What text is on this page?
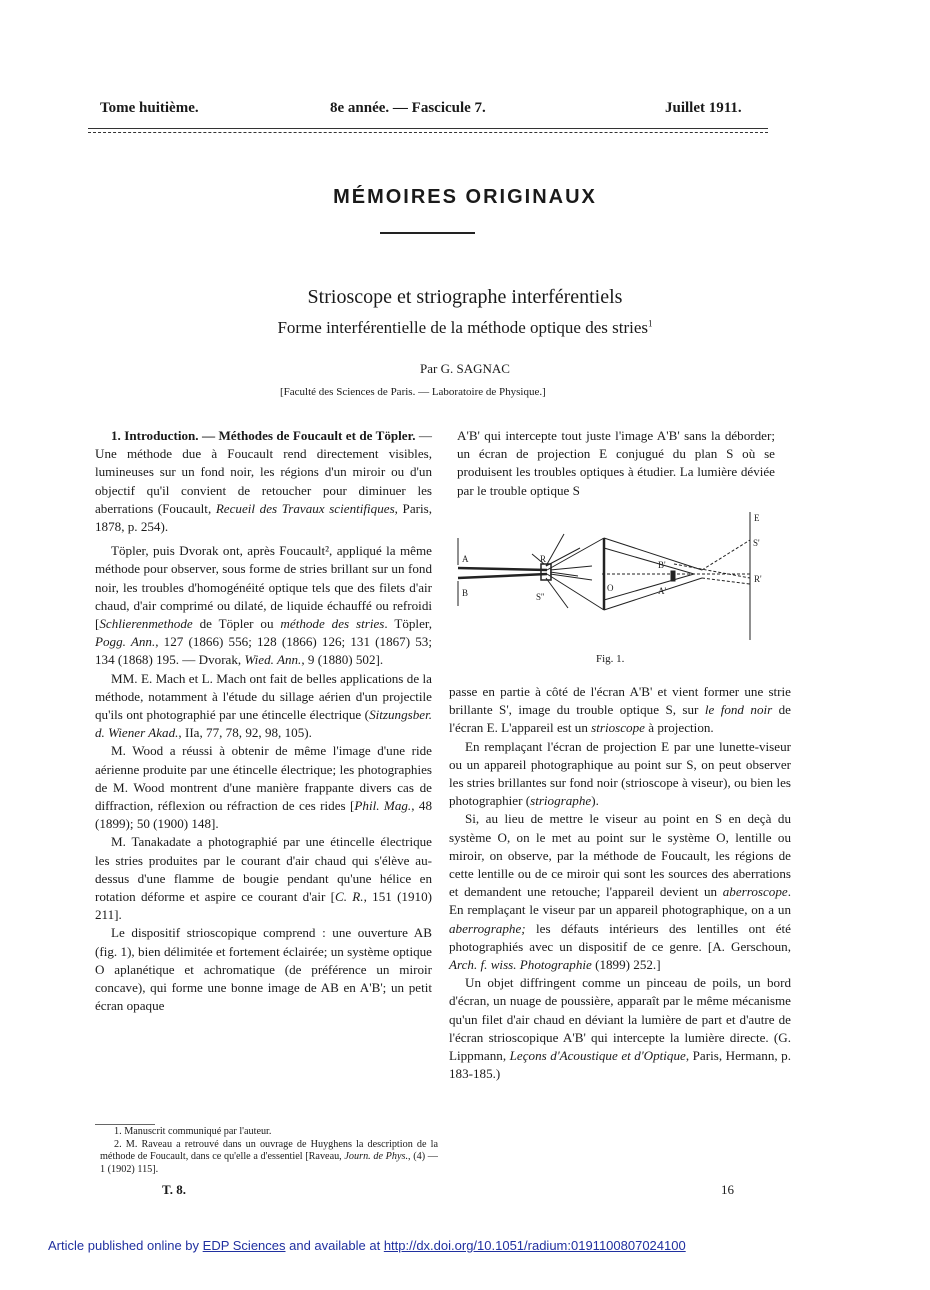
Tome huitième.	8e année. — Fascicule 7.	Juillet 1911.
MÉMOIRES ORIGINAUX
Strioscope et striographe interférentiels
Forme interférentielle de la méthode optique des stries$^1$
Par G. SAGNAC
[Faculté des Sciences de Paris. — Laboratoire de Physique.]

1. Introduction. — Méthodes de Foucault et de Töpler. — Une méthode due à Foucault rend directement visibles, lumineuses sur un fond noir, les régions d'un miroir ou d'un objectif qu'il convient de retoucher pour diminuer les aberrations (Foucault, Recueil des Travaux scientifiques, Paris, 1878, p. 254).

Töpler, puis Dvorak ont, après Foucault², appliqué la même méthode pour observer, sous forme de stries brillant sur un fond noir, les troubles d'homogénéité optique tels que des filets d'air chaud, d'air comprimé ou dilaté, de liquide échauffé ou refroidi [Schlierenmethode de Töpler ou méthode des stries. Töpler, Pogg. Ann., 127 (1866) 556; 128 (1866) 126; 131 (1867) 53; 134 (1868) 195. — Dvorak, Wied. Ann., 9 (1880) 502].

MM. E. Mach et L. Mach ont fait de belles applications de la méthode, notamment à l'étude du sillage aérien d'un projectile qu'ils ont photographié par une étincelle électrique (Sitzungsber. d. Wiener Akad., IIa, 77, 78, 92, 98, 105).

M. Wood a réussi à obtenir de même l'image d'une ride aérienne produite par une étincelle électrique; les photographies de M. Wood montrent d'une manière frappante divers cas de diffraction, réflexion ou réfraction de ces rides [Phil. Mag., 48 (1899); 50 (1900) 148].

M. Tanakadate a photographié par une étincelle électrique les stries produites par le courant d'air chaud qui s'élève au-dessus d'une flamme de bougie pendant qu'une hélice en rotation déforme et aspire ce courant d'air [C. R., 151 (1910) 211].

Le dispositif strioscopique comprend : une ouverture AB (fig. 1), bien délimitée et fortement éclairée; un système optique O aplanétique et achromatique (de préférence un miroir concave), qui forme une bonne image de AB en A'B'; un petit écran opaque

1. Manuscrit communiqué par l'auteur.

2. M. Raveau a retrouvé dans un ouvrage de Huyghens la description de la méthode de Foucault, dans ce qu'elle a d'essentiel [Raveau, Journ. de Phys., (4) — 1 (1902) 115].

T. 8.

A'B' qui intercepte tout juste l'image A'B' sans la déborder; un écran de projection E conjugué du plan S où se produisent les troubles optiques à étudier. La lumière déviée par le trouble optique S

A
B
R
S''
O
B'
A'
E
S'
R'
Fig. 1.

passe en partie à côté de l'écran A'B' et vient former une strie brillante S', image du trouble optique S, sur le fond noir de l'écran E. L'appareil est un strioscope à projection.

En remplaçant l'écran de projection E par une lunette-viseur ou un appareil photographique au point sur S, on peut observer les stries brillantes sur fond noir (strioscope à viseur), ou bien les photographier (striographe).

Si, au lieu de mettre le viseur au point en S en deçà du système O, on le met au point sur le système O, lentille ou miroir, on observe, par la méthode de Foucault, les régions de cette lentille ou de ce miroir qui sont les sources des aberrations et demandent une retouche; l'appareil devient un aberroscope. En remplaçant le viseur par un appareil photographique, on a un aberrographe; les défauts intérieurs des lentilles ont été photographiés avec un dispositif de ce genre. [A. Gerschoun, Arch. f. wiss. Photographie (1899) 252.]

Un objet diffringent comme un pinceau de poils, un bord d'écran, un nuage de poussière, apparaît par le même mécanisme qu'un filet d'air chaud en déviant la lumière de part et d'autre de l'écran strioscopique A'B' qui intercepte la lumière directe. (G. Lippmann, Leçons d'Acoustique et d'Optique, Paris, Hermann, p. 183-185.)

16
Article published online by EDP Sciences and available at http://dx.doi.org/10.1051/radium:0191100807024100
